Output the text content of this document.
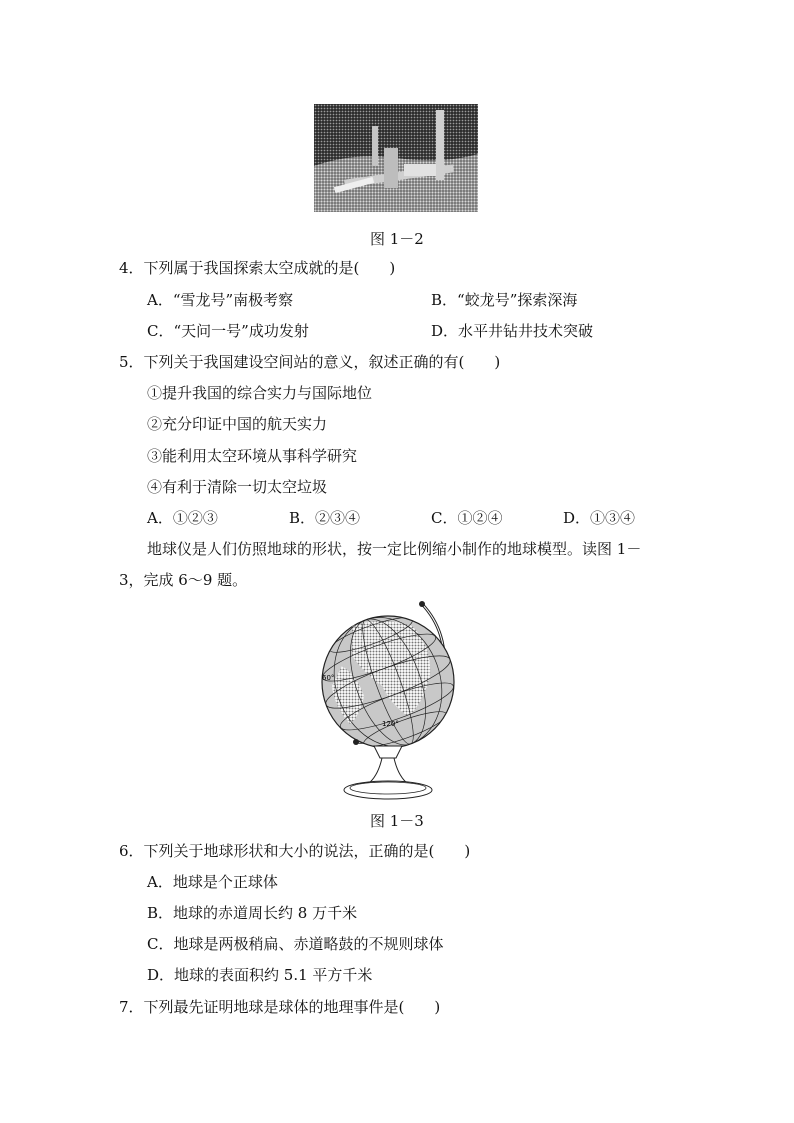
图 1－2
4．下列属于我国探索太空成就的是(　　)
A．“雪龙号”南极考察	B．“蛟龙号”探索深海
C．“天问一号”成功发射	D．水平井钻井技术突破
5．下列关于我国建设空间站的意义，叙述正确的有(　　)
①提升我国的综合实力与国际地位
②充分印证中国的航天实力
③能利用太空环境从事科学研究
④有利于清除一切太空垃圾
A．①②③	B．②③④	C．①②④	D．①③④
地球仪是人们仿照地球的形状，按一定比例缩小制作的地球模型。读图 1－
3，完成 6～9 题。
60°
120°
图 1－3
6．下列关于地球形状和大小的说法，正确的是(　　)
A．地球是个正球体
B．地球的赤道周长约 8 万千米
C．地球是两极稍扁、赤道略鼓的不规则球体
D．地球的表面积约 5.1 平方千米
7．下列最先证明地球是球体的地理事件是(　　)
